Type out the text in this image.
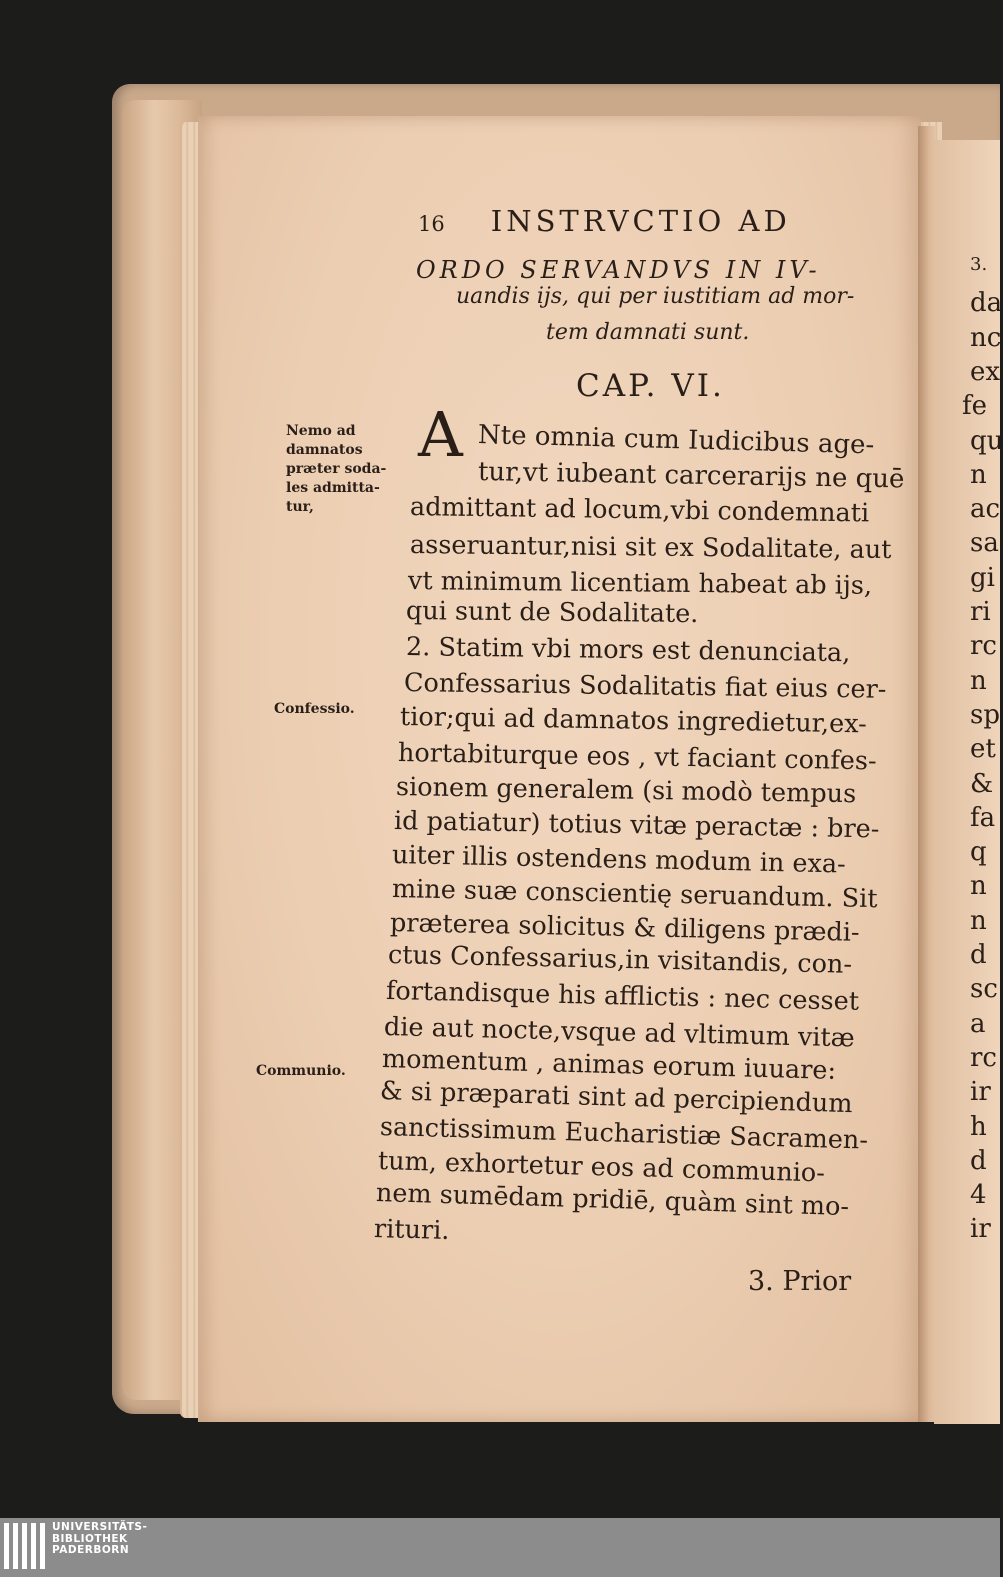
3.
da
nc
ex
fe
qu
n
ac
sa
gi
ri
rc
n
sp
et
&
fa
q
n
n
d
sc
a
rc
ir
h
d
4
ir
16 INSTRVCTIO AD
ORDO SERVANDVS IN IV-
uandis ijs, qui per iustitiam ad mor-
tem damnati sunt.
CAP. VI.
A Nte omnia cum Iudicibus age-
tur,vt iubeant carcerarijs ne quē
admittant ad locum,vbi condemnati
asseruantur,nisi sit ex Sodalitate, aut
vt minimum licentiam habeat ab ijs,
qui sunt de Sodalitate.
2. Statim vbi mors est denunciata,
Confessarius Sodalitatis fiat eius cer-
tior;qui ad damnatos ingredietur,ex-
hortabiturque eos , vt faciant confes-
sionem generalem (si modò tempus
id patiatur) totius vitæ peractæ : bre-
uiter illis ostendens modum in exa-
mine suæ conscientię seruandum. Sit
præterea solicitus & diligens prædi-
ctus Confessarius,in visitandis, con-
fortandisque his afflictis : nec cesset
die aut nocte,vsque ad vltimum vitæ
momentum , animas eorum iuuare:
& si præparati sint ad percipiendum
sanctissimum Eucharistiæ Sacramen-
tum, exhortetur eos ad communio-
nem sumēdam pridiē, quàm sint mo-
rituri.
3. Prior
Nemo ad
damnatos
præter soda-
les admitta-
tur,
Confessio.
Communio.
UNIVERSITÄTS-
BIBLIOTHEK
PADERBORN
